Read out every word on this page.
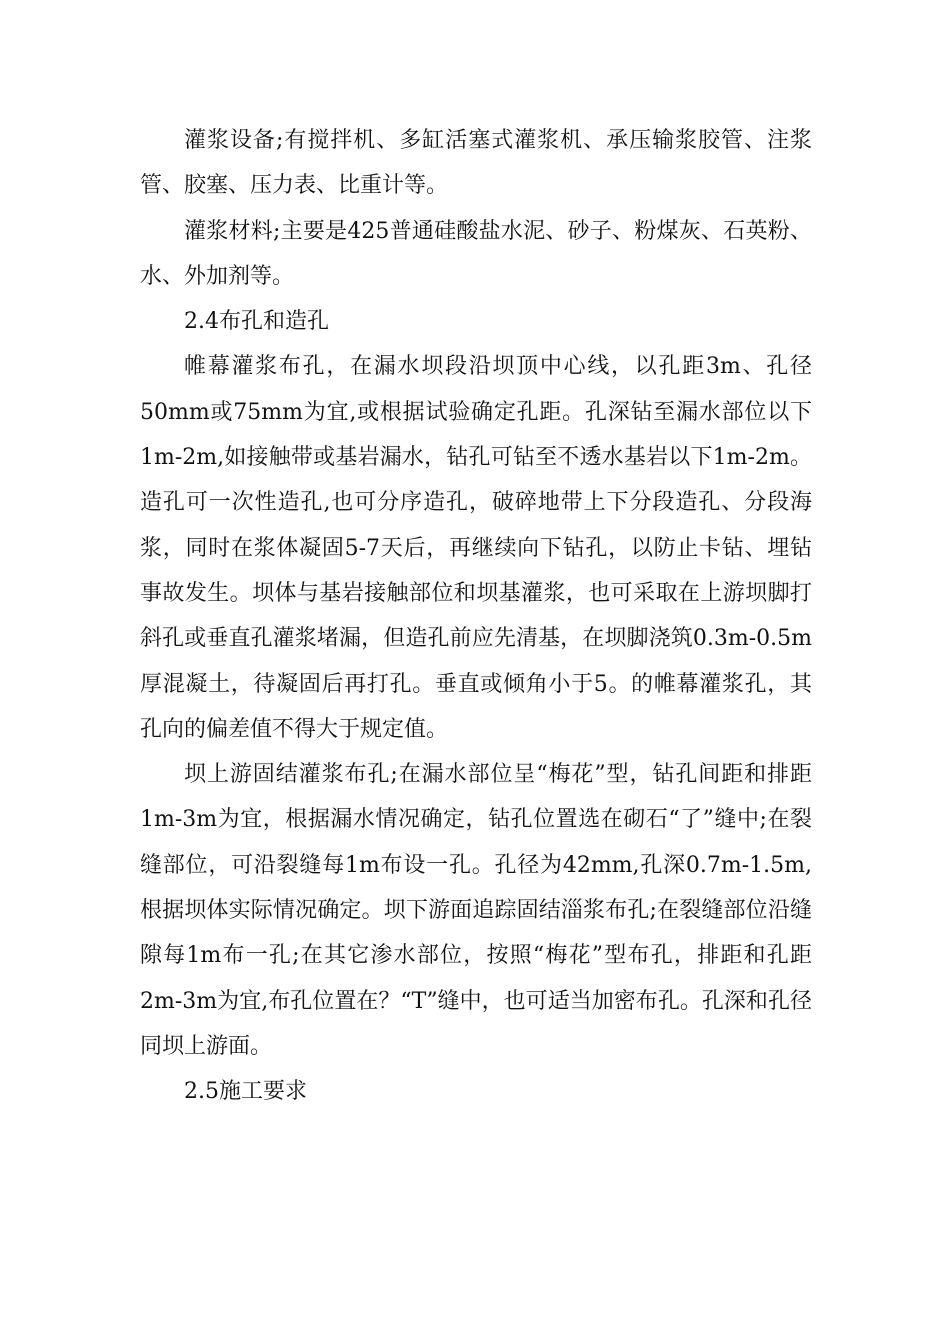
灌浆设备;有搅拌机、多缸活塞式灌浆机、承压输浆胶管、注浆管、胶塞、压力表、比重计等。

灌浆材料;主要是425普通硅酸盐水泥、砂子、粉煤灰、石英粉、水、外加剂等。

2.4布孔和造孔

帷幕灌浆布孔，在漏水坝段沿坝顶中心线，以孔距3m、孔径50mm或75mm为宜,或根据试验确定孔距。孔深钻至漏水部位以下1m-2m,如接触带或基岩漏水，钻孔可钻至不透水基岩以下1m-2m。造孔可一次性造孔,也可分序造孔，破碎地带上下分段造孔、分段海浆，同时在浆体凝固5-7天后，再继续向下钻孔，以防止卡钻、埋钻事故发生。坝体与基岩接触部位和坝基灌浆，也可采取在上游坝脚打斜孔或垂直孔灌浆堵漏，但造孔前应先清基，在坝脚浇筑0.3m-0.5m厚混凝土，待凝固后再打孔。垂直或倾角小于5。的帷幕灌浆孔，其孔向的偏差值不得大于规定值。

坝上游固结灌浆布孔;在漏水部位呈“梅花”型，钻孔间距和排距1m-3m为宜，根据漏水情况确定，钻孔位置选在砌石“了”缝中;在裂缝部位，可沿裂缝每1m布设一孔。孔径为42mm,孔深0.7m-1.5m,根据坝体实际情况确定。坝下游面追踪固结淄浆布孔;在裂缝部位沿缝隙每1m布一孔;在其它渗水部位，按照“梅花”型布孔，排距和孔距2m-3m为宜,布孔位置在？“T”缝中，也可适当加密布孔。孔深和孔径同坝上游面。

2.5施工要求
